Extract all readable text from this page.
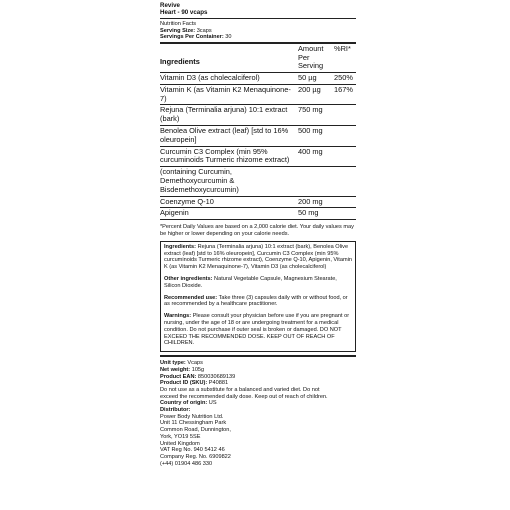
Revive
Heart - 90 vcaps
Nutrition Facts
Serving Size: 3caps
Servings Per Container: 30
Ingredients	Amount Per Serving	%RI*
Vitamin D3 (as cholecalciferol)	50 µg	250%
Vitamin K (as Vitamin K2 Menaquinone-7)	200 µg	167%
Rejuna (Terminalia arjuna) 10:1 extract (bark)	750 mg	
Benolea Olive extract (leaf) [std to 16% oleuropein]	500 mg	
Curcumin C3 Complex (min 95% curcuminoids Turmeric rhizome extract)	400 mg	
(containing Curcumin, Demethoxycurcumin & Bisdemethoxycurcumin)		
Coenzyme Q-10	200 mg	
Apigenin	50 mg	
*Percent Daily Values are based on a 2,000 calorie diet. Your daily values may be higher or lower depending on your calorie needs.

Ingredients: Rejuna (Terminalia arjuna) 10:1 extract (bark), Benolea Olive extract (leaf) [std to 16% oleuropein], Curcumin C3 Complex (min 95% curcuminoids Turmeric rhizome extract), Coenzyme Q-10, Apigenin, Vitamin K (as Vitamin K2 Menaquinone-7), Vitamin D3 (as cholecalciferol)

Other ingredients: Natural Vegetable Capsule, Magnesium Stearate, Silicon Dioxide.

Recommended use: Take three (3) capsules daily with or without food, or as recommended by a healthcare practitioner.

Warnings: Please consult your physician before use if you are pregnant or nursing, under the age of 18 or are undergoing treatment for a medical condition. Do not purchase if outer seal is broken or damaged. DO NOT EXCEED THE RECOMMENDED DOSE. KEEP OUT OF REACH OF CHILDREN.

Unit type: Vcaps
Net weight: 105g
Product EAN: 850030689139
Product ID (SKU): P40881
Do not use as a substitute for a balanced and varied diet. Do not
exceed the recommended daily dose. Keep out of reach of children.
Country of origin: US
Distributor:
Power Body Nutrition Ltd.
Unit 11 Chessingham Park
Common Road, Dunnington,
York, YO19 5SE
United Kingdom
VAT Reg No. 940 5412 46
Company Reg. No. 6909822
(+44) 01904 486 330
